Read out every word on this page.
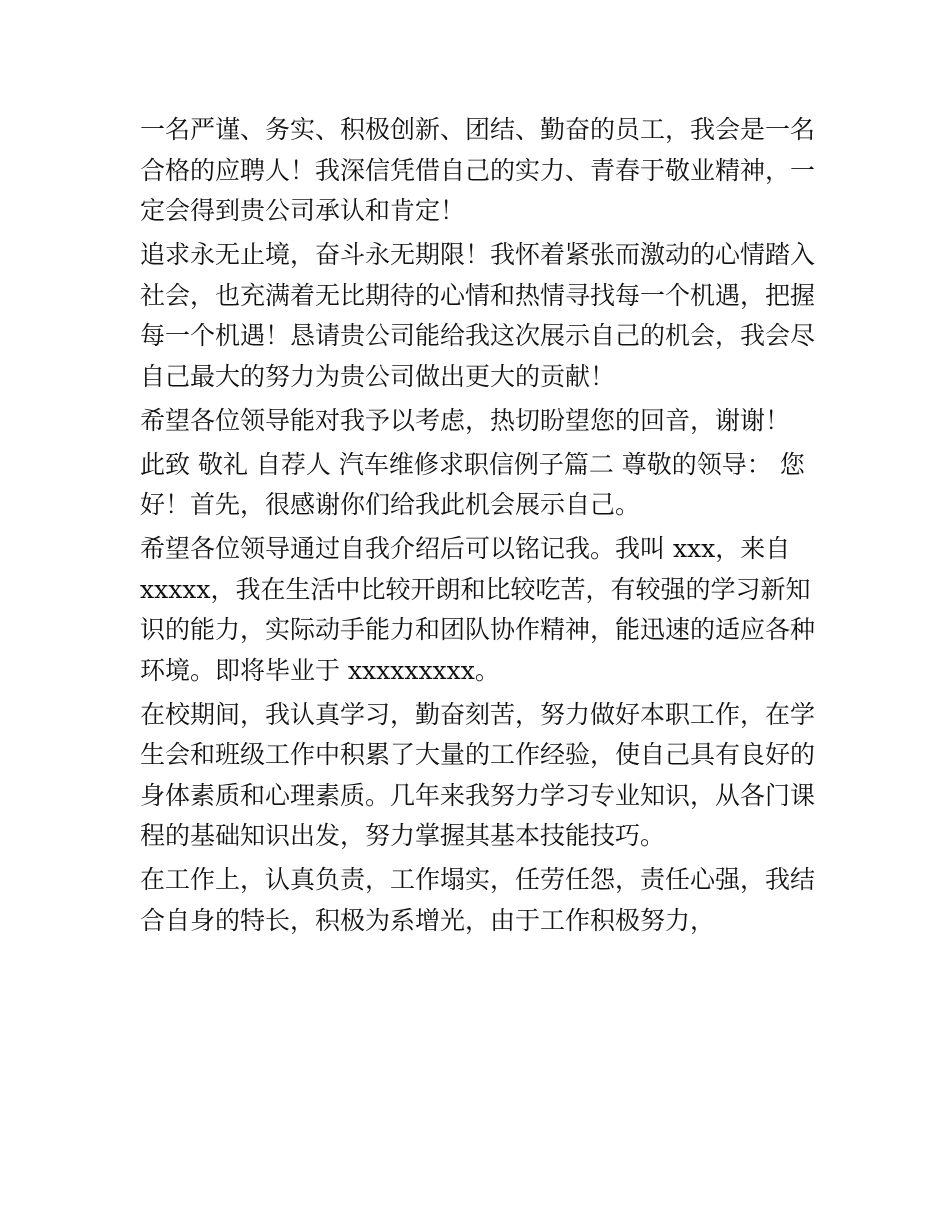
一名严谨、务实、积极创新、团结、勤奋的员工，我会是一名
合格的应聘人！我深信凭借自己的实力、青春于敬业精神，一
定会得到贵公司承认和肯定！

追求永无止境，奋斗永无期限！我怀着紧张而激动的心情踏入
社会，也充满着无比期待的心情和热情寻找每一个机遇，把握
每一个机遇！恳请贵公司能给我这次展示自己的机会，我会尽
自己最大的努力为贵公司做出更大的贡献！

希望各位领导能对我予以考虑，热切盼望您的回音，谢谢！

此致 敬礼 自荐人 汽车维修求职信例子篇二 尊敬的领导： 您
好！首先，很感谢你们给我此机会展示自己。

希望各位领导通过自我介绍后可以铭记我。我叫 xxx，来自
xxxxx，我在生活中比较开朗和比较吃苦，有较强的学习新知
识的能力，实际动手能力和团队协作精神，能迅速的适应各种
环境。即将毕业于 xxxxxxxxx。

在校期间，我认真学习，勤奋刻苦，努力做好本职工作，在学
生会和班级工作中积累了大量的工作经验，使自己具有良好的
身体素质和心理素质。几年来我努力学习专业知识，从各门课
程的基础知识出发，努力掌握其基本技能技巧。

在工作上，认真负责，工作塌实，任劳任怨，责任心强，我结
合自身的特长，积极为系增光，由于工作积极努力，
